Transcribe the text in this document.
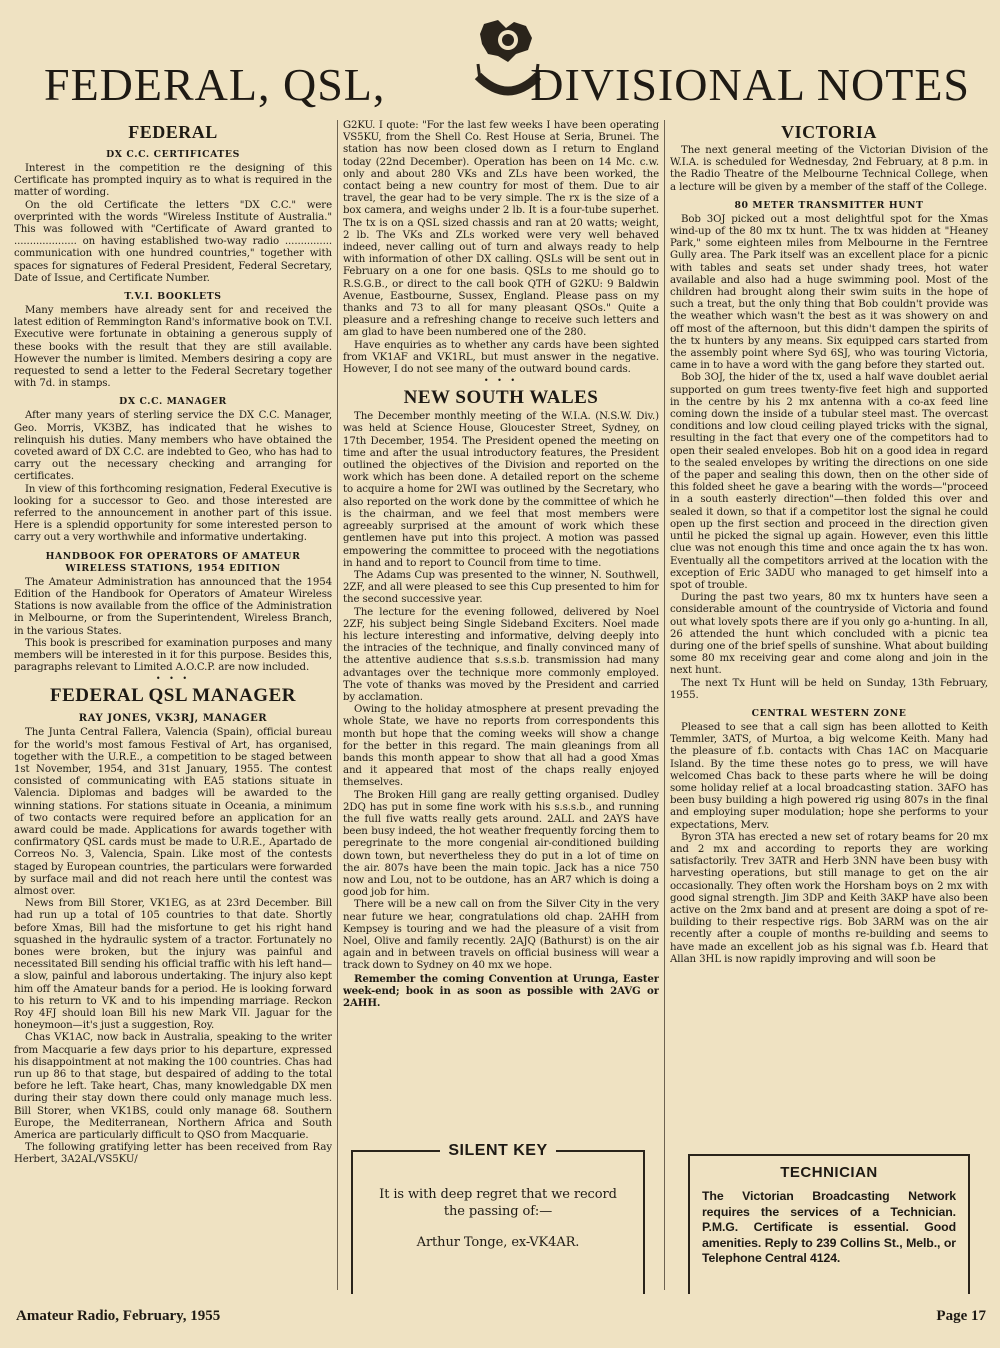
FEDERAL, QSL,	DIVISIONAL NOTES
FEDERAL
DX C.C. CERTIFICATES

Interest in the competition re the designing of this Certificate has prompted inquiry as to what is required in the matter of wording.

On the old Certificate the letters "DX C.C." were overprinted with the words "Wireless Institute of Australia." This was followed with "Certificate of Award granted to .................... on having established two-way radio ............... communication with one hundred countries," together with spaces for signatures of Federal President, Federal Secretary, Date of Issue, and Certificate Number.

T.V.I. BOOKLETS

Many members have already sent for and received the latest edition of Remmington Rand's informative book on T.V.I. Executive were fortunate in obtaining a generous supply of these books with the result that they are still available. However the number is limited. Members desiring a copy are requested to send a letter to the Federal Secretary together with 7d. in stamps.

DX C.C. MANAGER

After many years of sterling service the DX C.C. Manager, Geo. Morris, VK3BZ, has indicated that he wishes to relinquish his duties. Many members who have obtained the coveted award of DX C.C. are indebted to Geo, who has had to carry out the necessary checking and arranging for certificates.

In view of this forthcoming resignation, Federal Executive is looking for a successor to Geo. and those interested are referred to the announcement in another part of this issue. Here is a splendid opportunity for some interested person to carry out a very worthwhile and informative undertaking.

HANDBOOK FOR OPERATORS OF AMATEUR
WIRELESS STATIONS, 1954 EDITION

The Amateur Administration has announced that the 1954 Edition of the Handbook for Operators of Amateur Wireless Stations is now available from the office of the Administration in Melbourne, or from the Superintendent, Wireless Branch, in the various States.

This book is prescribed for examination purposes and many members will be interested in it for this purpose. Besides this, paragraphs relevant to Limited A.O.C.P. are now included.

• • •
FEDERAL QSL MANAGER
RAY JONES, VK3RJ, MANAGER

The Junta Central Fallera, Valencia (Spain), official bureau for the world's most famous Festival of Art, has organised, together with the U.R.E., a competition to be staged between 1st November, 1954, and 31st January, 1955. The contest consisted of communicating with EA5 stations situate in Valencia. Diplomas and badges will be awarded to the winning stations. For stations situate in Oceania, a minimum of two contacts were required before an application for an award could be made. Applications for awards together with confirmatory QSL cards must be made to U.R.E., Apartado de Correos No. 3, Valencia, Spain. Like most of the contests staged by European countries, the particulars were forwarded by surface mail and did not reach here until the contest was almost over.

News from Bill Storer, VK1EG, as at 23rd December. Bill had run up a total of 105 countries to that date. Shortly before Xmas, Bill had the misfortune to get his right hand squashed in the hydraulic system of a tractor. Fortunately no bones were broken, but the injury was painful and necessitated Bill sending his official traffic with his left hand—a slow, painful and laborous undertaking. The injury also kept him off the Amateur bands for a period. He is looking forward to his return to VK and to his impending marriage. Reckon Roy 4FJ should loan Bill his new Mark VII. Jaguar for the honeymoon—it's just a suggestion, Roy.

Chas VK1AC, now back in Australia, speaking to the writer from Macquarie a few days prior to his departure, expressed his disappointment at not making the 100 countries. Chas had run up 86 to that stage, but despaired of adding to the total before he left. Take heart, Chas, many knowledgable DX men during their stay down there could only manage much less. Bill Storer, when VK1BS, could only manage 68. Southern Europe, the Mediterranean, Northern Africa and South America are particularly difficult to QSO from Macquarie.

The following gratifying letter has been received from Ray Herbert, 3A2AL/VS5KU/

G2KU. I quote: "For the last few weeks I have been operating VS5KU, from the Shell Co. Rest House at Seria, Brunei. The station has now been closed down as I return to England today (22nd December). Operation has been on 14 Mc. c.w. only and about 280 VKs and ZLs have been worked, the contact being a new country for most of them. Due to air travel, the gear had to be very simple. The rx is the size of a box camera, and weighs under 2 lb. It is a four-tube superhet. The tx is on a QSL sized chassis and ran at 20 watts; weight, 2 lb. The VKs and ZLs worked were very well behaved indeed, never calling out of turn and always ready to help with information of other DX calling. QSLs will be sent out in February on a one for one basis. QSLs to me should go to R.S.G.B., or direct to the call book QTH of G2KU: 9 Baldwin Avenue, Eastbourne, Sussex, England. Please pass on my thanks and 73 to all for many pleasant QSOs." Quite a pleasure and a refreshing change to receive such letters and am glad to have been numbered one of the 280.

Have enquiries as to whether any cards have been sighted from VK1AF and VK1RL, but must answer in the negative. However, I do not see many of the outward bound cards.

• • •
NEW SOUTH WALES

The December monthly meeting of the W.I.A. (N.S.W. Div.) was held at Science House, Gloucester Street, Sydney, on 17th December, 1954. The President opened the meeting on time and after the usual introductory features, the President outlined the objectives of the Division and reported on the work which has been done. A detailed report on the scheme to acquire a home for 2WI was outlined by the Secretary, who also reported on the work done by the committee of which he is the chairman, and we feel that most members were agreeably surprised at the amount of work which these gentlemen have put into this project. A motion was passed empowering the committee to proceed with the negotiations in hand and to report to Council from time to time.

The Adams Cup was presented to the winner, N. Southwell, 2ZF, and all were pleased to see this Cup presented to him for the second successive year.

The lecture for the evening followed, delivered by Noel 2ZF, his subject being Single Sideband Exciters. Noel made his lecture interesting and informative, delving deeply into the intracies of the technique, and finally convinced many of the attentive audience that s.s.s.b. transmission had many advantages over the technique more commonly employed. The vote of thanks was moved by the President and carried by acclamation.

Owing to the holiday atmosphere at present prevading the whole State, we have no reports from correspondents this month but hope that the coming weeks will show a change for the better in this regard. The main gleanings from all bands this month appear to show that all had a good Xmas and it appeared that most of the chaps really enjoyed themselves.

The Broken Hill gang are really getting organised. Dudley 2DQ has put in some fine work with his s.s.s.b., and running the full five watts really gets around. 2ALL and 2AYS have been busy indeed, the hot weather frequently forcing them to peregrinate to the more congenial air-conditioned building down town, but nevertheless they do put in a lot of time on the air. 807s have been the main topic. Jack has a nice 750 now and Lou, not to be outdone, has an AR7 which is doing a good job for him.

There will be a new call on from the Silver City in the very near future we hear, congratulations old chap. 2AHH from Kempsey is touring and we had the pleasure of a visit from Noel, Olive and family recently. 2AJQ (Bathurst) is on the air again and in between travels on official business will wear a track down to Sydney on 40 mx we hope.

Remember the coming Convention at Urunga, Easter week-end; book in as soon as possible with 2AVG or 2AHH.

SILENT KEY

It is with deep regret that we record the passing of:—

Arthur Tonge, ex-VK4AR.

VICTORIA

The next general meeting of the Victorian Division of the W.I.A. is scheduled for Wednesday, 2nd February, at 8 p.m. in the Radio Theatre of the Melbourne Technical College, when a lecture will be given by a member of the staff of the College.

80 METER TRANSMITTER HUNT

Bob 3OJ picked out a most delightful spot for the Xmas wind-up of the 80 mx tx hunt. The tx was hidden at "Heaney Park," some eighteen miles from Melbourne in the Ferntree Gully area. The Park itself was an excellent place for a picnic with tables and seats set under shady trees, hot water available and also had a huge swimming pool. Most of the children had brought along their swim suits in the hope of such a treat, but the only thing that Bob couldn't provide was the weather which wasn't the best as it was showery on and off most of the afternoon, but this didn't dampen the spirits of the tx hunters by any means. Six equipped cars started from the assembly point where Syd 6SJ, who was touring Victoria, came in to have a word with the gang before they started out.

Bob 3OJ, the hider of the tx, used a half wave doublet aerial supported on gum trees twenty-five feet high and supported in the centre by his 2 mx antenna with a co-ax feed line coming down the inside of a tubular steel mast. The overcast conditions and low cloud ceiling played tricks with the signal, resulting in the fact that every one of the competitors had to open their sealed envelopes. Bob hit on a good idea in regard to the sealed envelopes by writing the directions on one side of the paper and sealing this down, then on the other side of this folded sheet he gave a bearing with the words—"proceed in a south easterly direction"—then folded this over and sealed it down, so that if a competitor lost the signal he could open up the first section and proceed in the direction given until he picked the signal up again. However, even this little clue was not enough this time and once again the tx has won. Eventually all the competitors arrived at the location with the exception of Eric 3ADU who managed to get himself into a spot of trouble.

During the past two years, 80 mx tx hunters have seen a considerable amount of the countryside of Victoria and found out what lovely spots there are if you only go a-hunting. In all, 26 attended the hunt which concluded with a picnic tea during one of the brief spells of sunshine. What about building some 80 mx receiving gear and come along and join in the next hunt.

The next Tx Hunt will be held on Sunday, 13th February, 1955.

CENTRAL WESTERN ZONE

Pleased to see that a call sign has been allotted to Keith Temmler, 3ATS, of Murtoa, a big welcome Keith. Many had the pleasure of f.b. contacts with Chas 1AC on Macquarie Island. By the time these notes go to press, we will have welcomed Chas back to these parts where he will be doing some holiday relief at a local broadcasting station. 3AFO has been busy building a high powered rig using 807s in the final and employing super modulation; hope she performs to your expectations, Merv.

Byron 3TA has erected a new set of rotary beams for 20 mx and 2 mx and according to reports they are working satisfactorily. Trev 3ATR and Herb 3NN have been busy with harvesting operations, but still manage to get on the air occasionally. They often work the Horsham boys on 2 mx with good signal strength. Jim 3DP and Keith 3AKP have also been active on the 2mx band and at present are doing a spot of re-building to their respective rigs. Bob 3ARM was on the air recently after a couple of months re-building and seems to have made an excellent job as his signal was f.b. Heard that Allan 3HL is now rapidly improving and will soon be

TECHNICIAN

The Victorian Broadcasting Network requires the services of a Technician. P.M.G. Certificate is essential. Good amenities. Reply to 239 Collins St., Melb., or Telephone Central 4124.

Amateur Radio, February, 1955	Page 17
